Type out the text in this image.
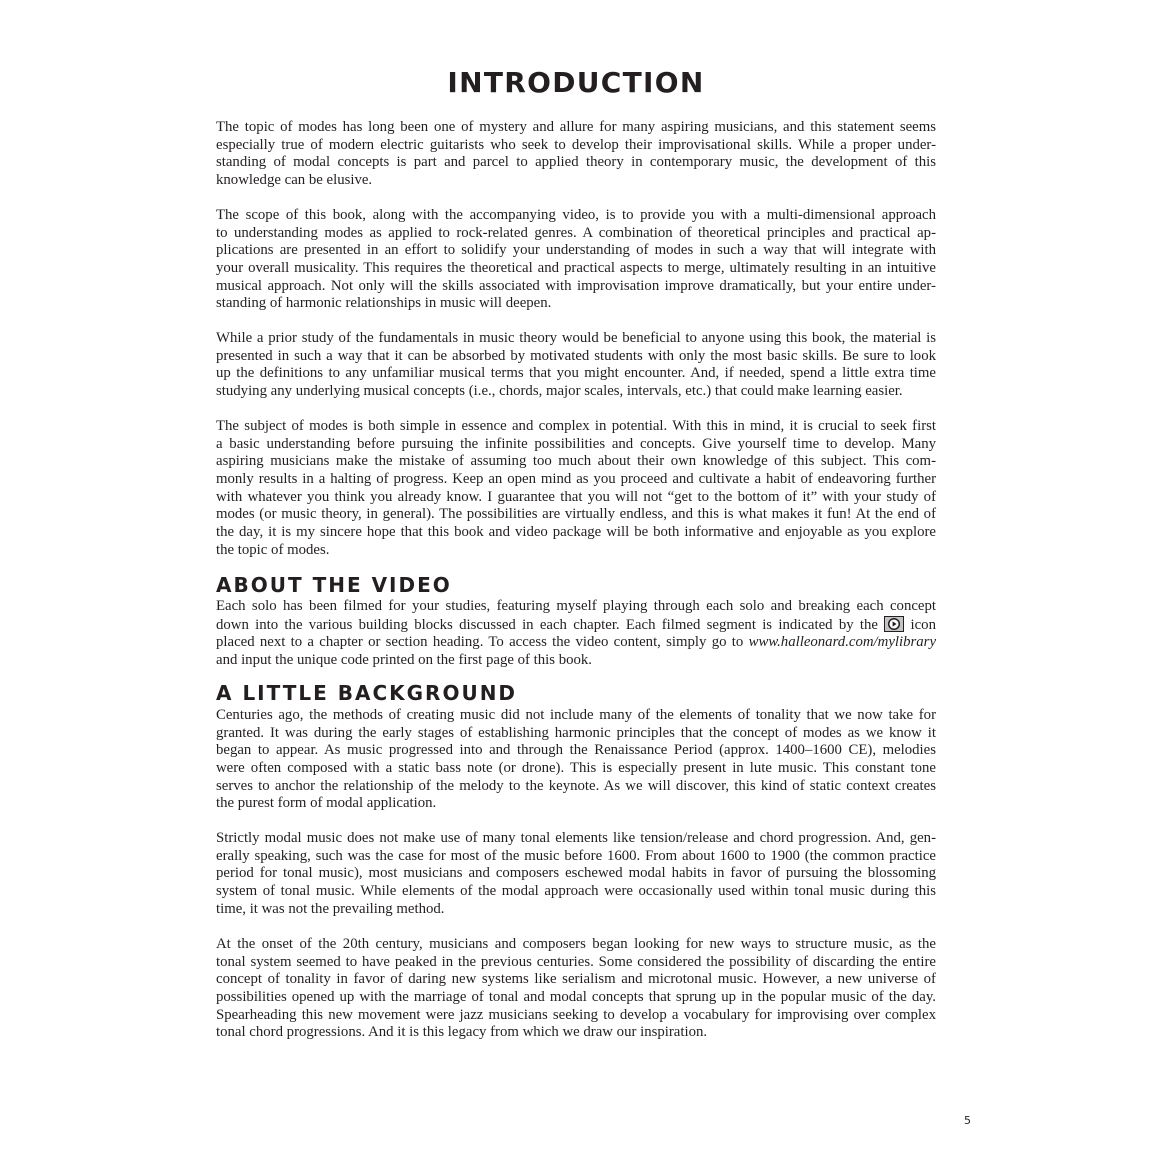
INTRODUCTION
The topic of modes has long been one of mystery and allure for many aspiring musicians, and this statement seems
especially true of modern electric guitarists who seek to develop their improvisational skills. While a proper under-
standing of modal concepts is part and parcel to applied theory in contemporary music, the development of this
knowledge can be elusive.
The scope of this book, along with the accompanying video, is to provide you with a multi-dimensional approach
to understanding modes as applied to rock-related genres. A combination of theoretical principles and practical ap-
plications are presented in an effort to solidify your understanding of modes in such a way that will integrate with
your overall musicality. This requires the theoretical and practical aspects to merge, ultimately resulting in an intuitive
musical approach. Not only will the skills associated with improvisation improve dramatically, but your entire under-
standing of harmonic relationships in music will deepen.
While a prior study of the fundamentals in music theory would be beneficial to anyone using this book, the material is
presented in such a way that it can be absorbed by motivated students with only the most basic skills. Be sure to look
up the definitions to any unfamiliar musical terms that you might encounter. And, if needed, spend a little extra time
studying any underlying musical concepts (i.e., chords, major scales, intervals, etc.) that could make learning easier.
The subject of modes is both simple in essence and complex in potential. With this in mind, it is crucial to seek first
a basic understanding before pursuing the infinite possibilities and concepts. Give yourself time to develop. Many
aspiring musicians make the mistake of assuming too much about their own knowledge of this subject. This com-
monly results in a halting of progress. Keep an open mind as you proceed and cultivate a habit of endeavoring further
with whatever you think you already know. I guarantee that you will not “get to the bottom of it” with your study of
modes (or music theory, in general). The possibilities are virtually endless, and this is what makes it fun! At the end of
the day, it is my sincere hope that this book and video package will be both informative and enjoyable as you explore
the topic of modes.
ABOUT THE VIDEO
Each solo has been filmed for your studies, featuring myself playing through each solo and breaking each concept
down into the various building blocks discussed in each chapter. Each filmed segment is indicated by the icon
placed next to a chapter or section heading. To access the video content, simply go to www.halleonard.com/mylibrary
and input the unique code printed on the first page of this book.
A LITTLE BACKGROUND
Centuries ago, the methods of creating music did not include many of the elements of tonality that we now take for
granted. It was during the early stages of establishing harmonic principles that the concept of modes as we know it
began to appear. As music progressed into and through the Renaissance Period (approx. 1400–1600 CE), melodies
were often composed with a static bass note (or drone). This is especially present in lute music. This constant tone
serves to anchor the relationship of the melody to the keynote. As we will discover, this kind of static context creates
the purest form of modal application.
Strictly modal music does not make use of many tonal elements like tension/release and chord progression. And, gen-
erally speaking, such was the case for most of the music before 1600. From about 1600 to 1900 (the common practice
period for tonal music), most musicians and composers eschewed modal habits in favor of pursuing the blossoming
system of tonal music. While elements of the modal approach were occasionally used within tonal music during this
time, it was not the prevailing method.
At the onset of the 20th century, musicians and composers began looking for new ways to structure music, as the
tonal system seemed to have peaked in the previous centuries. Some considered the possibility of discarding the entire
concept of tonality in favor of daring new systems like serialism and microtonal music. However, a new universe of
possibilities opened up with the marriage of tonal and modal concepts that sprung up in the popular music of the day.
Spearheading this new movement were jazz musicians seeking to develop a vocabulary for improvising over complex
tonal chord progressions. And it is this legacy from which we draw our inspiration.
5
